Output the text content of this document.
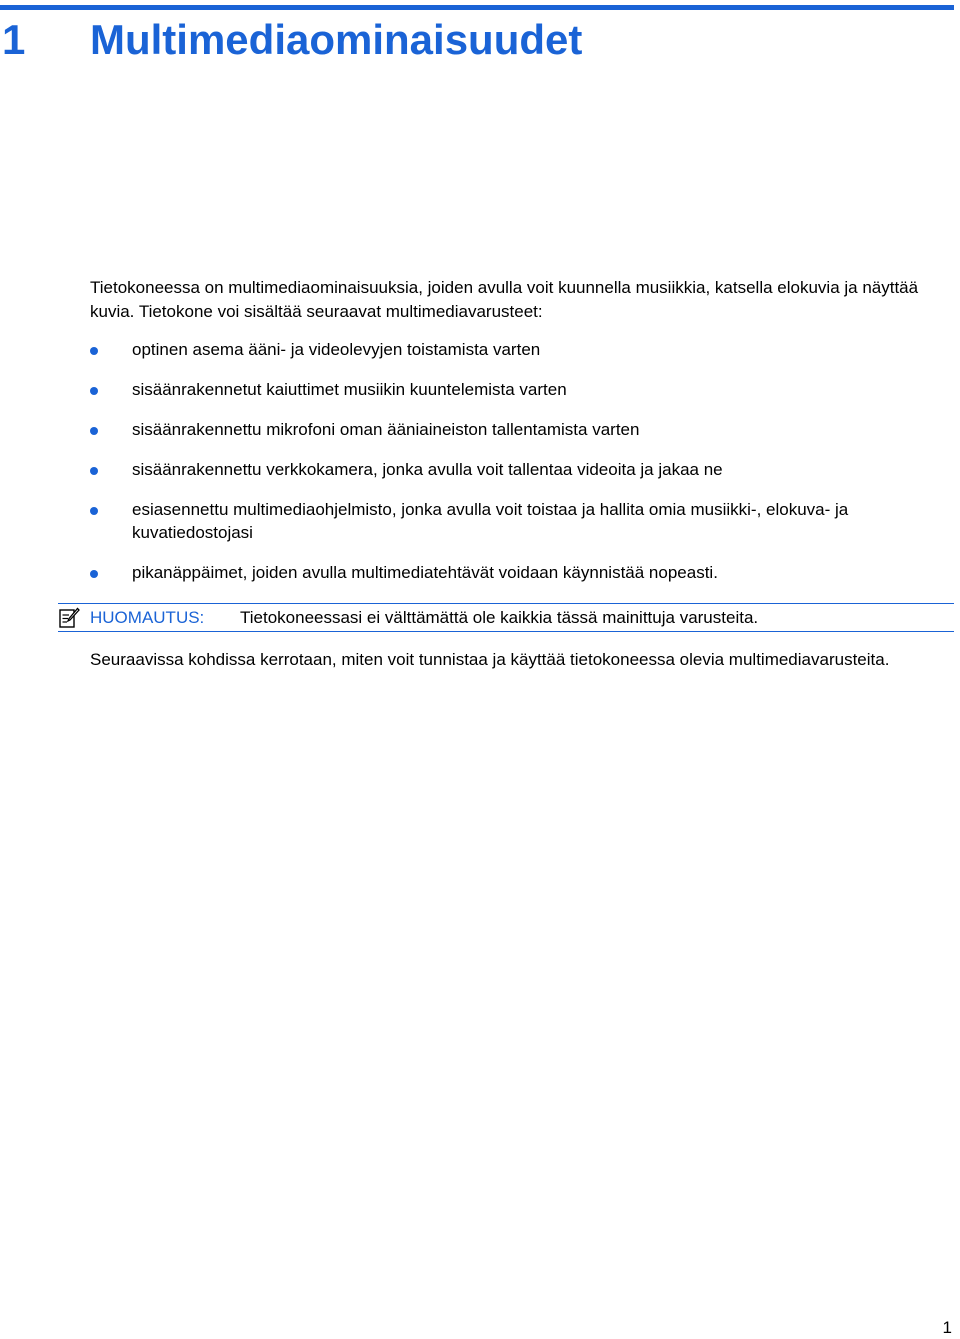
1	Multimediaominaisuudet

Tietokoneessa on multimediaominaisuuksia, joiden avulla voit kuunnella musiikkia, katsella elokuvia ja näyttää kuvia. Tietokone voi sisältää seuraavat multimediavarusteet:

optinen asema ääni- ja videolevyjen toistamista varten
sisäänrakennetut kaiuttimet musiikin kuuntelemista varten
sisäänrakennettu mikrofoni oman ääniaineiston tallentamista varten
sisäänrakennettu verkkokamera, jonka avulla voit tallentaa videoita ja jakaa ne
esiasennettu multimediaohjelmisto, jonka avulla voit toistaa ja hallita omia musiikki-, elokuva- ja kuvatiedostojasi
pikanäppäimet, joiden avulla multimediatehtävät voidaan käynnistää nopeasti.
HUOMAUTUS: Tietokoneessasi ei välttämättä ole kaikkia tässä mainittuja varusteita.

Seuraavissa kohdissa kerrotaan, miten voit tunnistaa ja käyttää tietokoneessa olevia multimediavarusteita.

1
